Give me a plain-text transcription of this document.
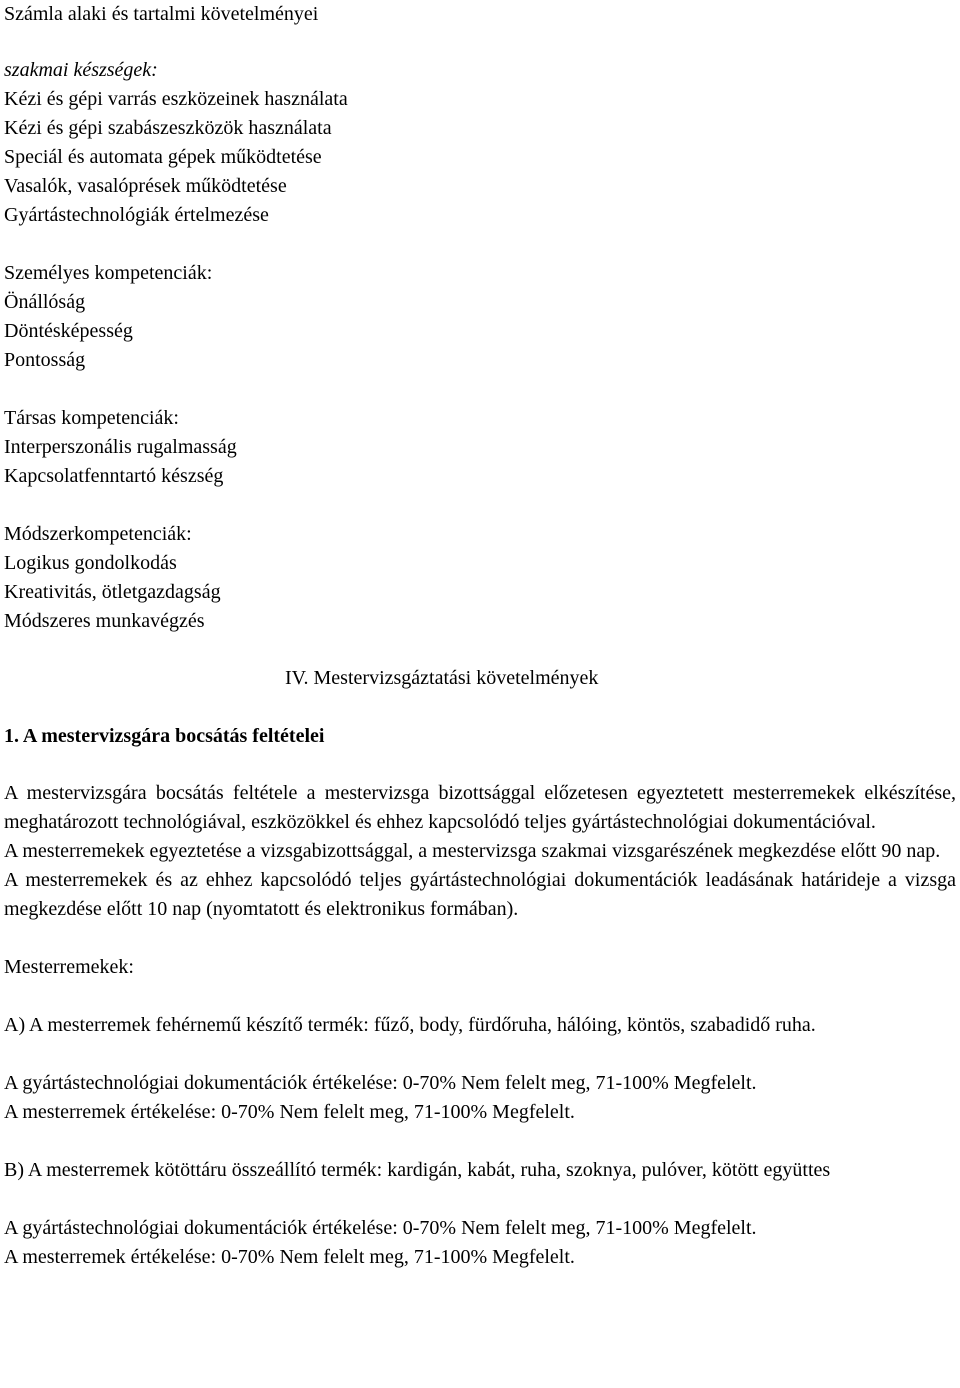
Számla alaki és tartalmi követelményei
szakmai készségek:
Kézi és gépi varrás eszközeinek használata
Kézi és gépi szabászeszközök használata
Speciál és automata gépek működtetése
Vasalók, vasalóprések működtetése
Gyártástechnológiák értelmezése
Személyes kompetenciák:
Önállóság
Döntésképesség
Pontosság
Társas kompetenciák:
Interperszonális rugalmasság
Kapcsolatfenntartó készség
Módszerkompetenciák:
Logikus gondolkodás
Kreativitás, ötletgazdagság
Módszeres munkavégzés
IV. Mestervizsgáztatási követelmények
1. A mestervizsgára bocsátás feltételei

A mestervizsgára bocsátás feltétele a mestervizsga bizottsággal előzetesen egyeztetett mesterremekek elkészítése, meghatározott technológiával, eszközökkel és ehhez kapcsolódó teljes gyártástechnológiai dokumentációval.

A mesterremekek egyeztetése a vizsgabizottsággal, a mestervizsga szakmai vizsgarészének megkezdése előtt 90 nap.

A mesterremekek és az ehhez kapcsolódó teljes gyártástechnológiai dokumentációk leadásának határideje a vizsga megkezdése előtt 10 nap (nyomtatott és elektronikus formában).

Mesterremekek:

A) A mesterremek fehérnemű készítő termék: fűző, body, fürdőruha, hálóing, köntös, szabadidő ruha.

A gyártástechnológiai dokumentációk értékelése: 0-70% Nem felelt meg, 71-100% Megfelelt.

A mesterremek értékelése: 0-70% Nem felelt meg, 71-100% Megfelelt.

B) A mesterremek kötöttáru összeállító termék: kardigán, kabát, ruha, szoknya, pulóver, kötött együttes

A gyártástechnológiai dokumentációk értékelése: 0-70% Nem felelt meg, 71-100% Megfelelt.

A mesterremek értékelése: 0-70% Nem felelt meg, 71-100% Megfelelt.
